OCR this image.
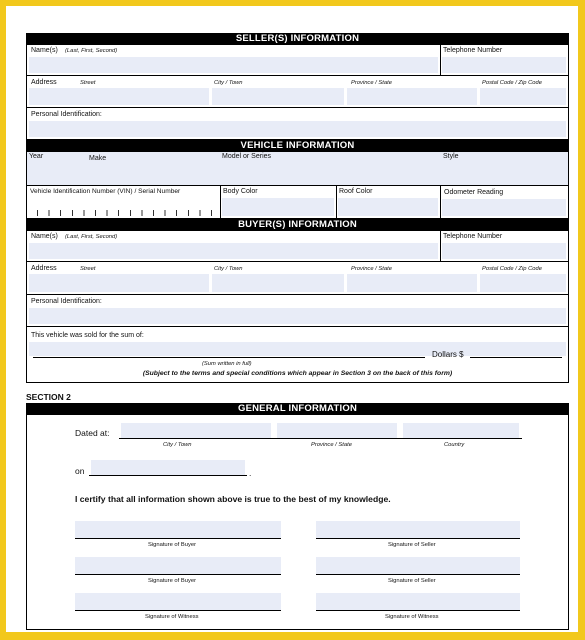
SELLER(S) INFORMATION
Name(s) (Last, First, Second)	Telephone Number
Address	Street	City / Town	Province / State	Postal Code / Zip Code
Personal Identification:
VEHICLE INFORMATION
Year	Make	Model or Series	Style
Vehicle Identification Number (VIN) / Serial Number	Body Color	Roof Color	Odometer Reading
BUYER(S) INFORMATION
Name(s) (Last, First, Second)	Telephone Number
Address	Street	City / Town	Province / State	Postal Code / Zip Code
Personal Identification:
This vehicle was sold for the sum of:
Dollars $
(Sum written in full)
(Subject to the terms and special conditions which appear in Section 3 on the back of this form)
SECTION 2
GENERAL INFORMATION
Dated at:
City / Town	Province / State	Country
on	.
I certify that all information shown above is true to the best of my knowledge.
Signature of Buyer	Signature of Seller
Signature of Buyer	Signature of Seller
Signature of Witness	Signature of Witness
